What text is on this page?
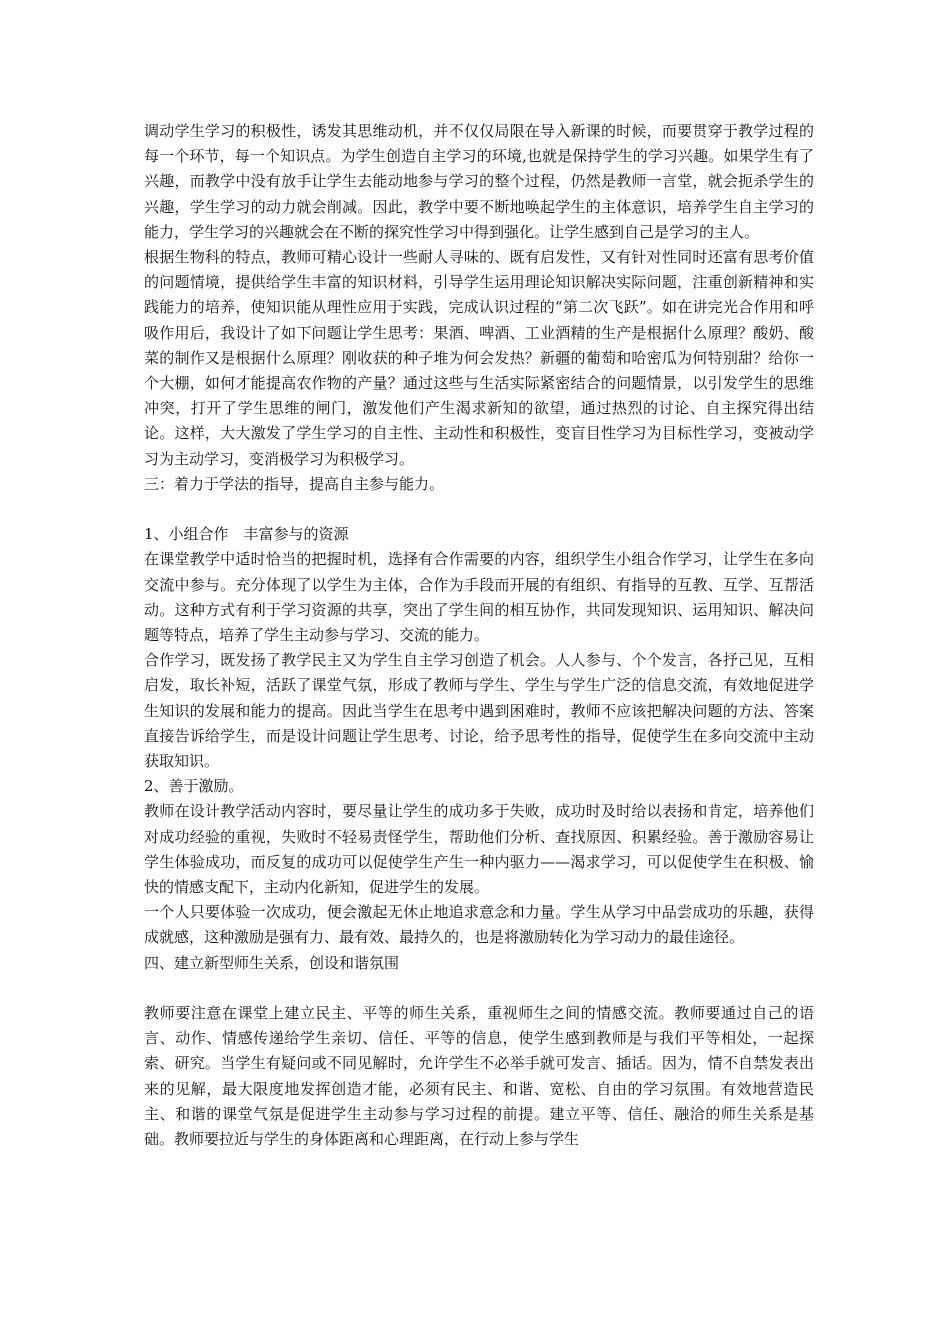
调动学生学习的积极性，诱发其思维动机，并不仅仅局限在导入新课的时候，而要贯穿于教学过程的每一个环节，每一个知识点。为学生创造自主学习的环境,也就是保持学生的学习兴趣。如果学生有了兴趣，而教学中没有放手让学生去能动地参与学习的整个过程，仍然是教师一言堂，就会扼杀学生的兴趣，学生学习的动力就会削减。因此，教学中要不断地唤起学生的主体意识，培养学生自主学习的能力，学生学习的兴趣就会在不断的探究性学习中得到强化。让学生感到自己是学习的主人。

根据生物科的特点，教师可精心设计一些耐人寻味的、既有启发性，又有针对性同时还富有思考价值的问题情境，提供给学生丰富的知识材料，引导学生运用理论知识解决实际问题，注重创新精神和实践能力的培养，使知识能从理性应用于实践，完成认识过程的“第二次飞跃”。如在讲完光合作用和呼吸作用后，我设计了如下问题让学生思考：果酒、啤酒、工业酒精的生产是根据什么原理？酸奶、酸菜的制作又是根据什么原理？刚收获的种子堆为何会发热？新疆的葡萄和哈密瓜为何特别甜？给你一个大棚，如何才能提高农作物的产量？通过这些与生活实际紧密结合的问题情景，以引发学生的思维冲突，打开了学生思维的闸门，激发他们产生渴求新知的欲望，通过热烈的讨论、自主探究得出结论。这样，大大激发了学生学习的自主性、主动性和积极性，变盲目性学习为目标性学习，变被动学习为主动学习，变消极学习为积极学习。

三：着力于学法的指导，提高自主参与能力。

1、小组合作　丰富参与的资源

在课堂教学中适时恰当的把握时机，选择有合作需要的内容，组织学生小组合作学习，让学生在多向交流中参与。充分体现了以学生为主体，合作为手段而开展的有组织、有指导的互教、互学、互帮活动。这种方式有利于学习资源的共享，突出了学生间的相互协作，共同发现知识、运用知识、解决问题等特点，培养了学生主动参与学习、交流的能力。

合作学习，既发扬了教学民主又为学生自主学习创造了机会。人人参与、个个发言，各抒己见，互相启发，取长补短，活跃了课堂气氛，形成了教师与学生、学生与学生广泛的信息交流，有效地促进学生知识的发展和能力的提高。因此当学生在思考中遇到困难时，教师不应该把解决问题的方法、答案直接告诉给学生，而是设计问题让学生思考、讨论，给予思考性的指导，促使学生在多向交流中主动获取知识。

2、善于激励。

教师在设计教学活动内容时，要尽量让学生的成功多于失败，成功时及时给以表扬和肯定，培养他们对成功经验的重视，失败时不轻易责怪学生，帮助他们分析、查找原因、积累经验。善于激励容易让学生体验成功，而反复的成功可以促使学生产生一种内驱力——渴求学习，可以促使学生在积极、愉快的情感支配下，主动内化新知，促进学生的发展。

一个人只要体验一次成功，便会激起无休止地追求意念和力量。学生从学习中品尝成功的乐趣，获得成就感，这种激励是强有力、最有效、最持久的，也是将激励转化为学习动力的最佳途径。

四、建立新型师生关系，创设和谐氛围

教师要注意在课堂上建立民主、平等的师生关系，重视师生之间的情感交流。教师要通过自己的语言、动作、情感传递给学生亲切、信任、平等的信息，使学生感到教师是与我们平等相处，一起探索、研究。当学生有疑问或不同见解时，允许学生不必举手就可发言、插话。因为，情不自禁发表出来的见解，最大限度地发挥创造才能，必须有民主、和谐、宽松、自由的学习氛围。有效地营造民主、和谐的课堂气氛是促进学生主动参与学习过程的前提。建立平等、信任、融洽的师生关系是基础。教师要拉近与学生的身体距离和心理距离，在行动上参与学生
